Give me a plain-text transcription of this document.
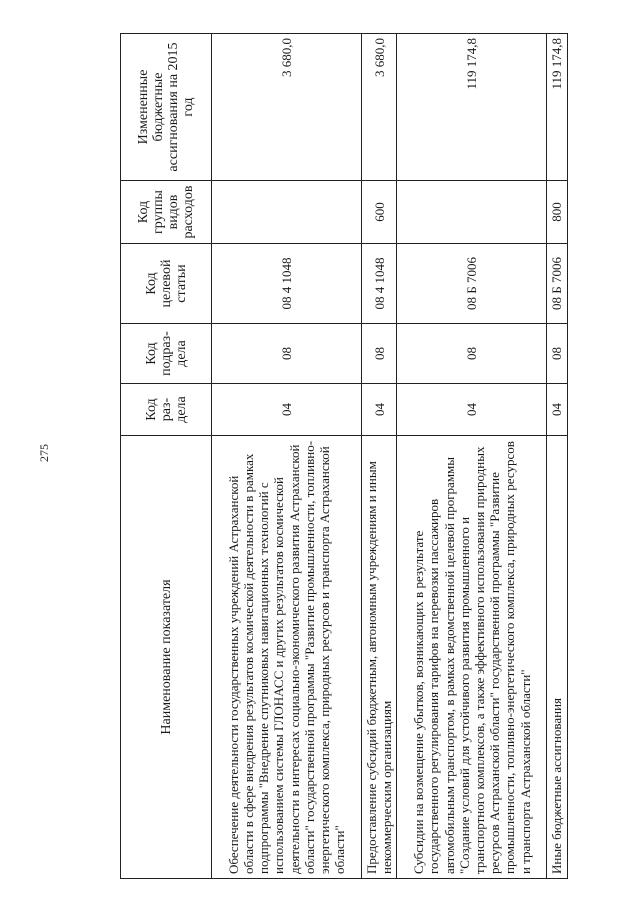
275
Наименование показателя	Код раз-дела	Код подраз-дела	Код целевой статьи	Код группы видов расходов	Измененные бюджетные ассигнования на 2015 год
Обеспечение деятельности государственных учреждений Астраханской области в сфере внедрения результатов космической деятельности в рамках подпрограммы "Внедрение спутниковых навигационных технологий с использованием системы ГЛОНАСС и других результатов космической деятельности в интересах социально-экономического развития Астраханской области" государственной программы "Развитие промышленности, топливно-энергетического комплекса, природных ресурсов и транспорта Астраханской области"	04	08	08 4 1048		3 680,0
Предоставление субсидий бюджетным, автономным учреждениям и иным некоммерческим организациям	04	08	08 4 1048	600	3 680,0
Субсидии на возмещение убытков, возникающих в результате государственного регулирования тарифов на перевозки пассажиров автомобильным транспортом, в рамках ведомственной целевой программы "Создание условий для устойчивого развития промышленного и транспортного комплексов, а также эффективного использования природных ресурсов Астраханской области" государственной программы "Развитие промышленности, топливно-энергетического комплекса, природных ресурсов и транспорта Астраханской области"	04	08	08 Б 7006		119 174,8
Иные бюджетные ассигнования	04	08	08 Б 7006	800	119 174,8
